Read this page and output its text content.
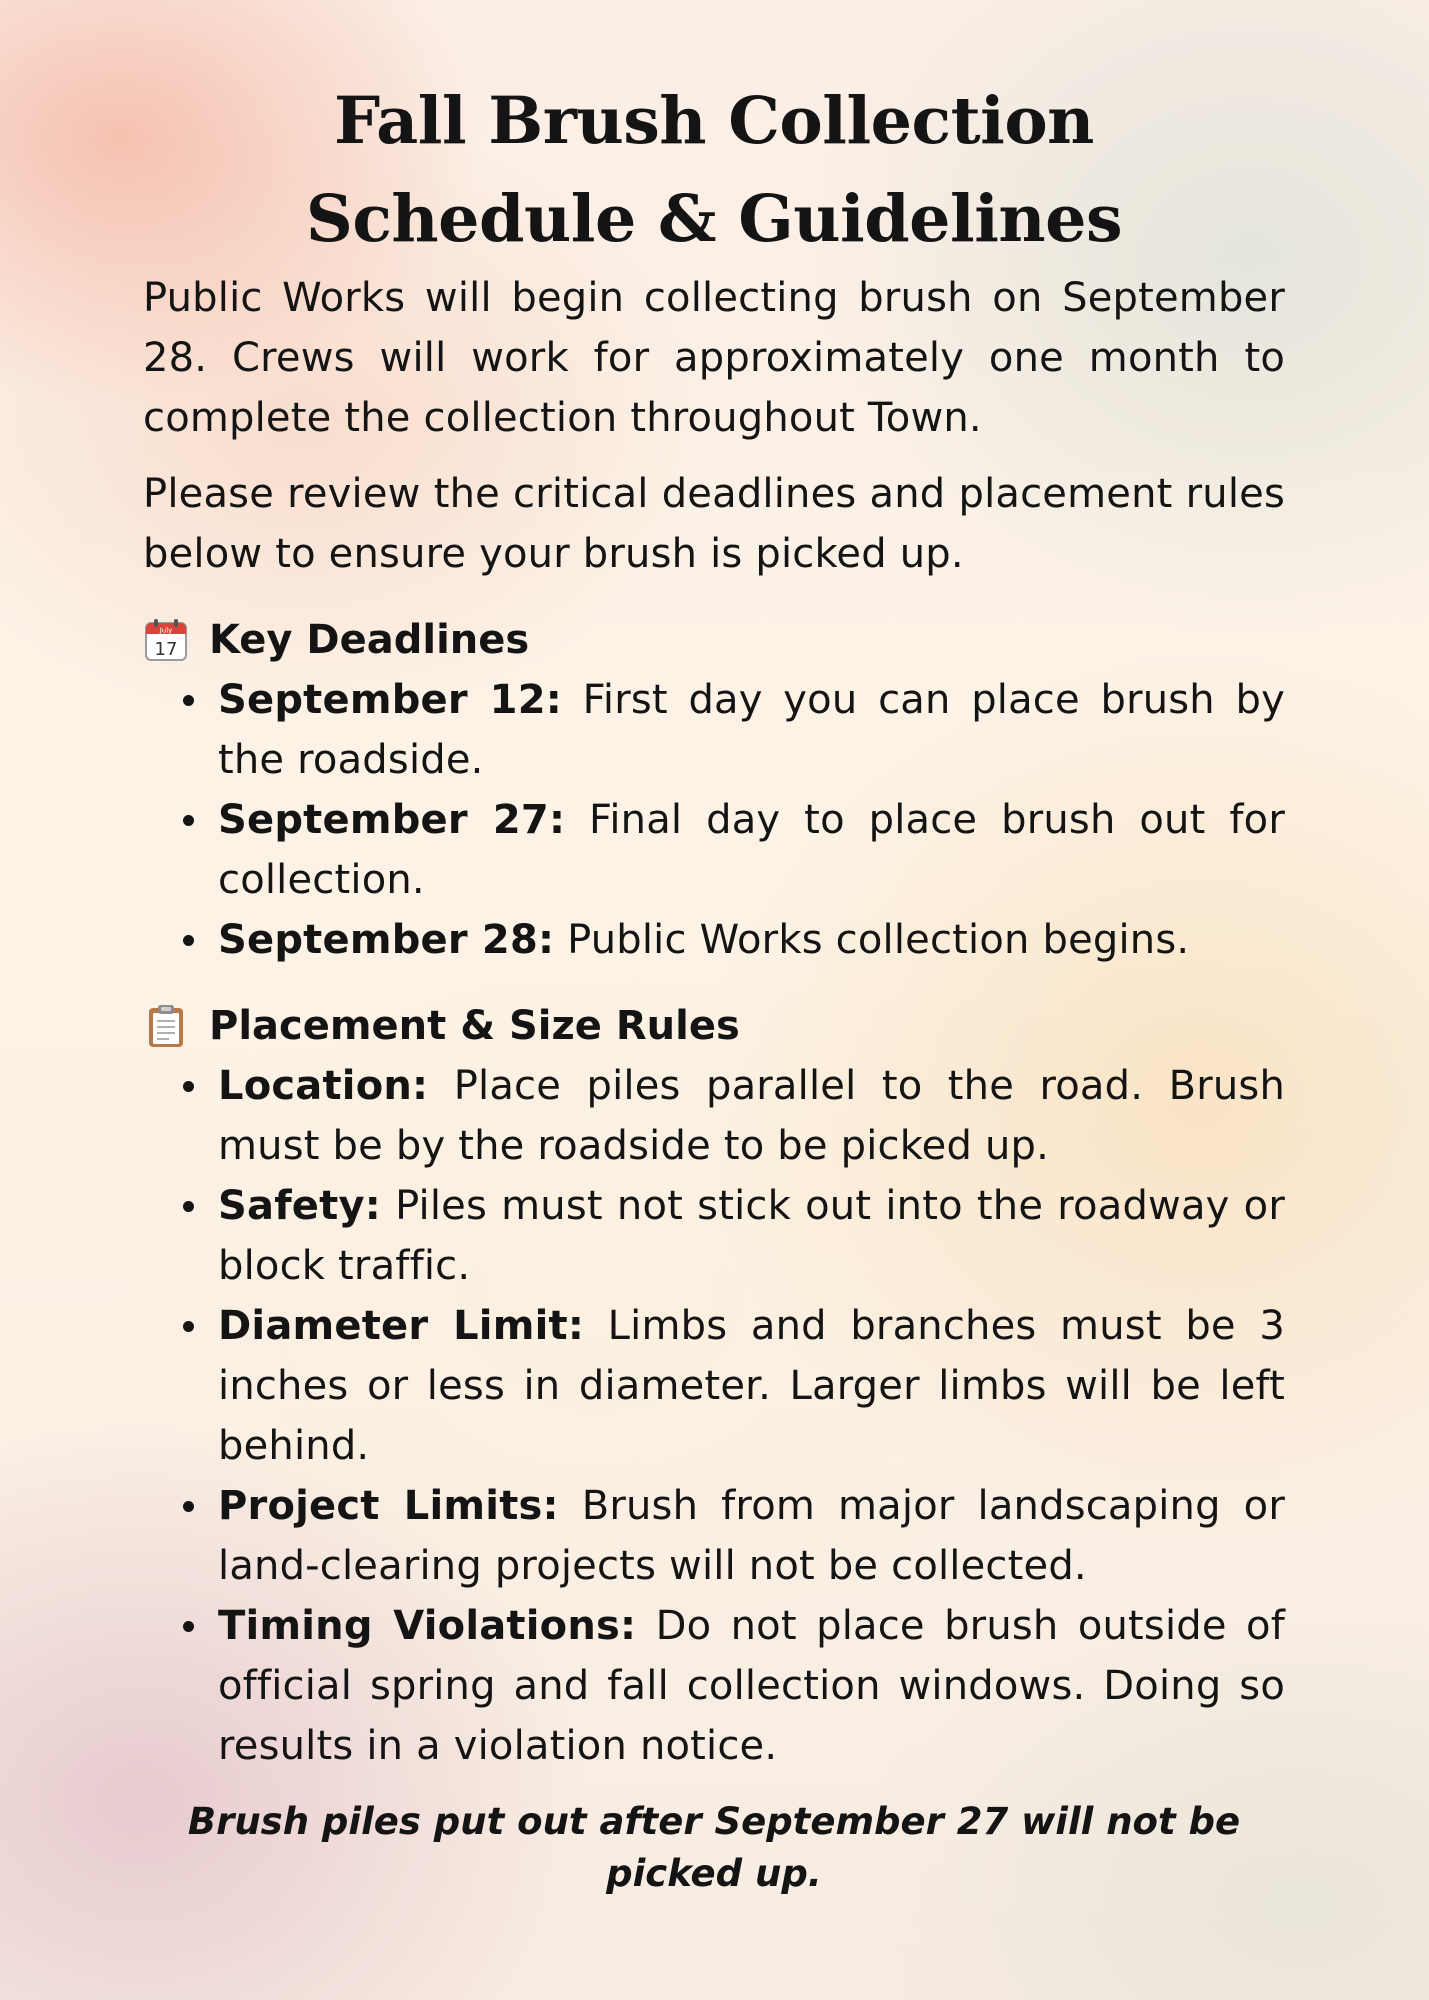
Fall Brush Collection
Schedule & Guidelines

Public Works will begin collecting brush on September 28. Crews will work for approximately one month to complete the collection throughout Town.

Please review the critical deadlines and placement rules below to ensure your brush is picked up.

July
17 Key Deadlines
September 12: First day you can place brush by the roadside.
September 27: Final day to place brush out for collection.
September 28: Public Works collection begins.
Placement & Size Rules
Location: Place piles parallel to the road. Brush must be by the roadside to be picked up.
Safety: Piles must not stick out into the roadway or block traffic.
Diameter Limit: Limbs and branches must be 3 inches or less in diameter. Larger limbs will be left behind.
Project Limits: Brush from major landscaping or land-clearing projects will not be collected.
Timing Violations: Do not place brush outside of official spring and fall collection windows. Doing so results in a violation notice.
Brush piles put out after September 27 will not be picked up.
